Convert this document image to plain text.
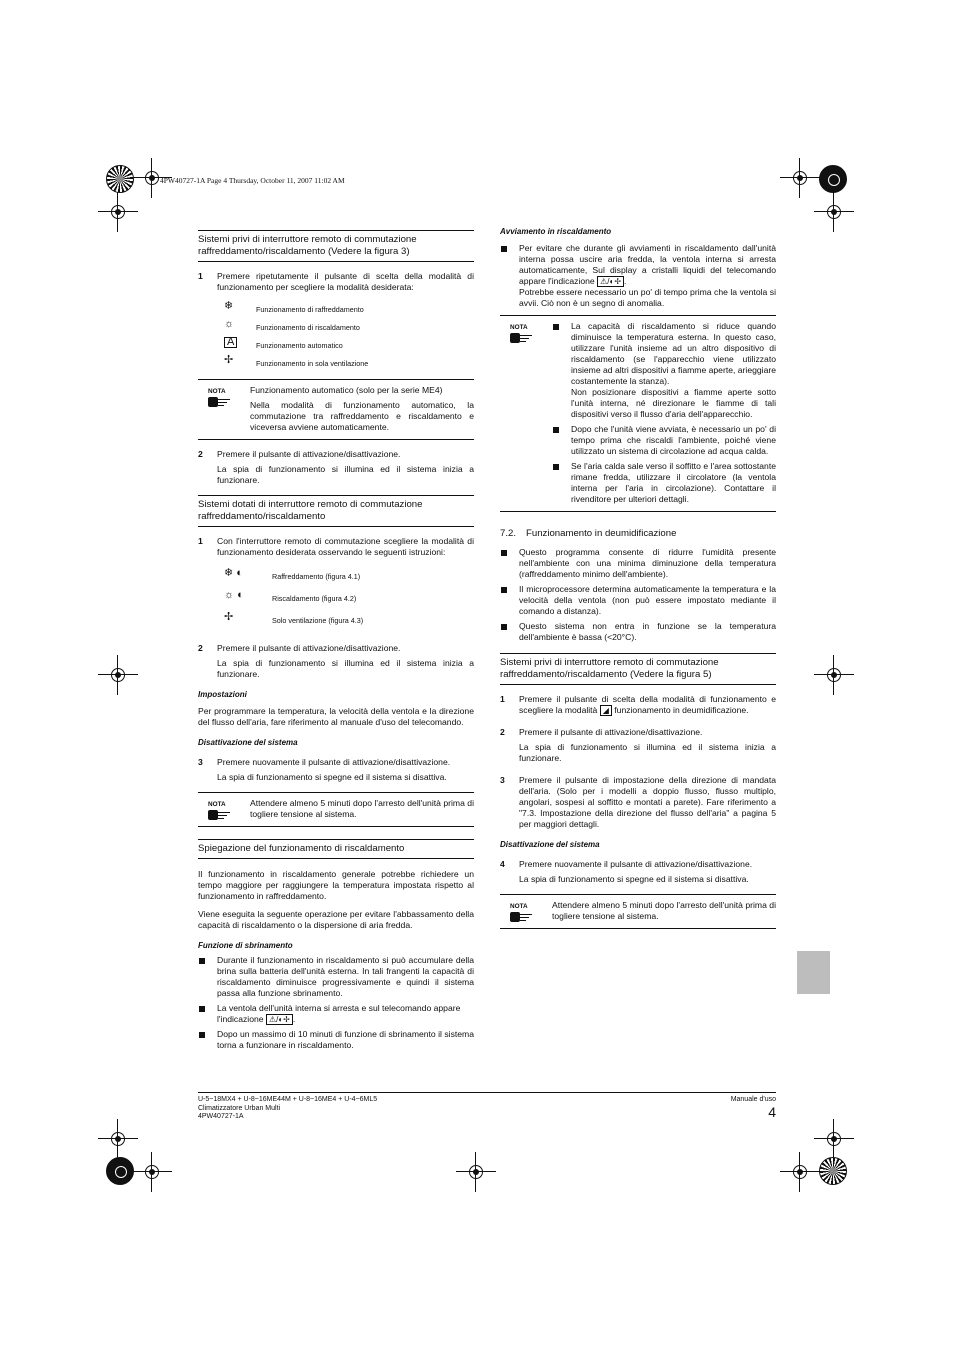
4PW40727-1A Page 4 Thursday, October 11, 2007 11:02 AM
Sistemi privi di interruttore remoto di commutazione raffreddamento/riscaldamento (Vedere la figura 3)
1 Premere ripetutamente il pulsante di scelta della modalità di funzionamento per scegliere la modalità desiderata:
❄	Funzionamento di raffreddamento
☼	Funzionamento di riscaldamento
A	Funzionamento automatico
✢	Funzionamento in sola ventilazione
NOTA	Funzionamento automatico (solo per la serie ME4)
Nella modalità di funzionamento automatico, la commutazione tra raffreddamento e riscaldamento e viceversa avviene automaticamente.
2 Premere il pulsante di attivazione/disattivazione.
La spia di funzionamento si illumina ed il sistema inizia a funzionare.
Sistemi dotati di interruttore remoto di commutazione raffreddamento/riscaldamento
1 Con l'interruttore remoto di commutazione scegliere la modalità di funzionamento desiderata osservando le seguenti istruzioni:
❄ ◐	Raffreddamento (figura 4.1)
☼ ◐	Riscaldamento (figura 4.2)
✢	Solo ventilazione (figura 4.3)
2 Premere il pulsante di attivazione/disattivazione.
La spia di funzionamento si illumina ed il sistema inizia a funzionare.
Impostazioni
Per programmare la temperatura, la velocità della ventola e la direzione del flusso dell'aria, fare riferimento al manuale d'uso del telecomando.
Disattivazione del sistema
3 Premere nuovamente il pulsante di attivazione/disattivazione.
La spia di funzionamento si spegne ed il sistema si disattiva.
NOTA	Attendere almeno 5 minuti dopo l'arresto dell'unità prima di togliere tensione al sistema.
Spiegazione del funzionamento di riscaldamento
Il funzionamento in riscaldamento generale potrebbe richiedere un tempo maggiore per raggiungere la temperatura impostata rispetto al funzionamento in raffreddamento.
Viene eseguita la seguente operazione per evitare l'abbassamento della capacità di riscaldamento o la dispersione di aria fredda.
Funzione di sbrinamento
Durante il funzionamento in riscaldamento si può accumulare della brina sulla batteria dell'unità esterna. In tali frangenti la capacità di riscaldamento diminuisce progressivamente e quindi il sistema passa alla funzione sbrinamento.
La ventola dell'unità interna si arresta e sul telecomando appare l'indicazione ⚠/◐✢ .
Dopo un massimo di 10 minuti di funzione di sbrinamento il sistema torna a funzionare in riscaldamento.
Avviamento in riscaldamento
Per evitare che durante gli avviamenti in riscaldamento dall'unità interna possa uscire aria fredda, la ventola interna si arresta automaticamente, Sul display a cristalli liquidi del telecomando appare l'indicazione ⚠/◐✢ .
Potrebbe essere necessario un po' di tempo prima che la ventola si avvii. Ciò non è un segno di anomalia.
NOTA	La capacità di riscaldamento si riduce quando diminuisce la temperatura esterna. In questo caso, utilizzare l'unità insieme ad un altro dispositivo di riscaldamento (se l'apparecchio viene utilizzato insieme ad altri dispositivi a fiamme aperte, arieggiare costantemente la stanza).
Non posizionare dispositivi a fiamme aperte sotto l'unità interna, né direzionare le fiamme di tali dispositivi verso il flusso d'aria dell'apparecchio.
Dopo che l'unità viene avviata, è necessario un po' di tempo prima che riscaldi l'ambiente, poiché viene utilizzato un sistema di circolazione ad acqua calda.
Se l'aria calda sale verso il soffitto e l'area sottostante rimane fredda, utilizzare il circolatore (la ventola interna per l'aria in circolazione). Contattare il rivenditore per ulteriori dettagli.
7.2. Funzionamento in deumidificazione
Questo programma consente di ridurre l'umidità presente nell'ambiente con una minima diminuzione della temperatura (raffreddamento minimo dell'ambiente).
Il microprocessore determina automaticamente la temperatura e la velocità della ventola (non può essere impostato mediante il comando a distanza).
Questo sistema non entra in funzione se la temperatura dell'ambiente è bassa (<20°C).
Sistemi privi di interruttore remoto di commutazione raffreddamento/riscaldamento (Vedere la figura 5)
1 Premere il pulsante di scelta della modalità di funzionamento e scegliere la modalità ◢ funzionamento in deumidificazione.
2 Premere il pulsante di attivazione/disattivazione.
La spia di funzionamento si illumina ed il sistema inizia a funzionare.
3 Premere il pulsante di impostazione della direzione di mandata dell'aria. (Solo per i modelli a doppio flusso, flusso multiplo, angolari, sospesi al soffitto e montati a parete). Fare riferimento a "7.3. Impostazione della direzione del flusso dell'aria" a pagina 5 per maggiori dettagli.
Disattivazione del sistema
4 Premere nuovamente il pulsante di attivazione/disattivazione.
La spia di funzionamento si spegne ed il sistema si disattiva.
NOTA	Attendere almeno 5 minuti dopo l'arresto dell'unità prima di togliere tensione al sistema.
U-5~18MX4 + U-8~16ME44M + U-8~16ME4 + U-4~6ML5
Climatizzatore Urban Multi
4PW40727-1A
Manuale d'uso
4
